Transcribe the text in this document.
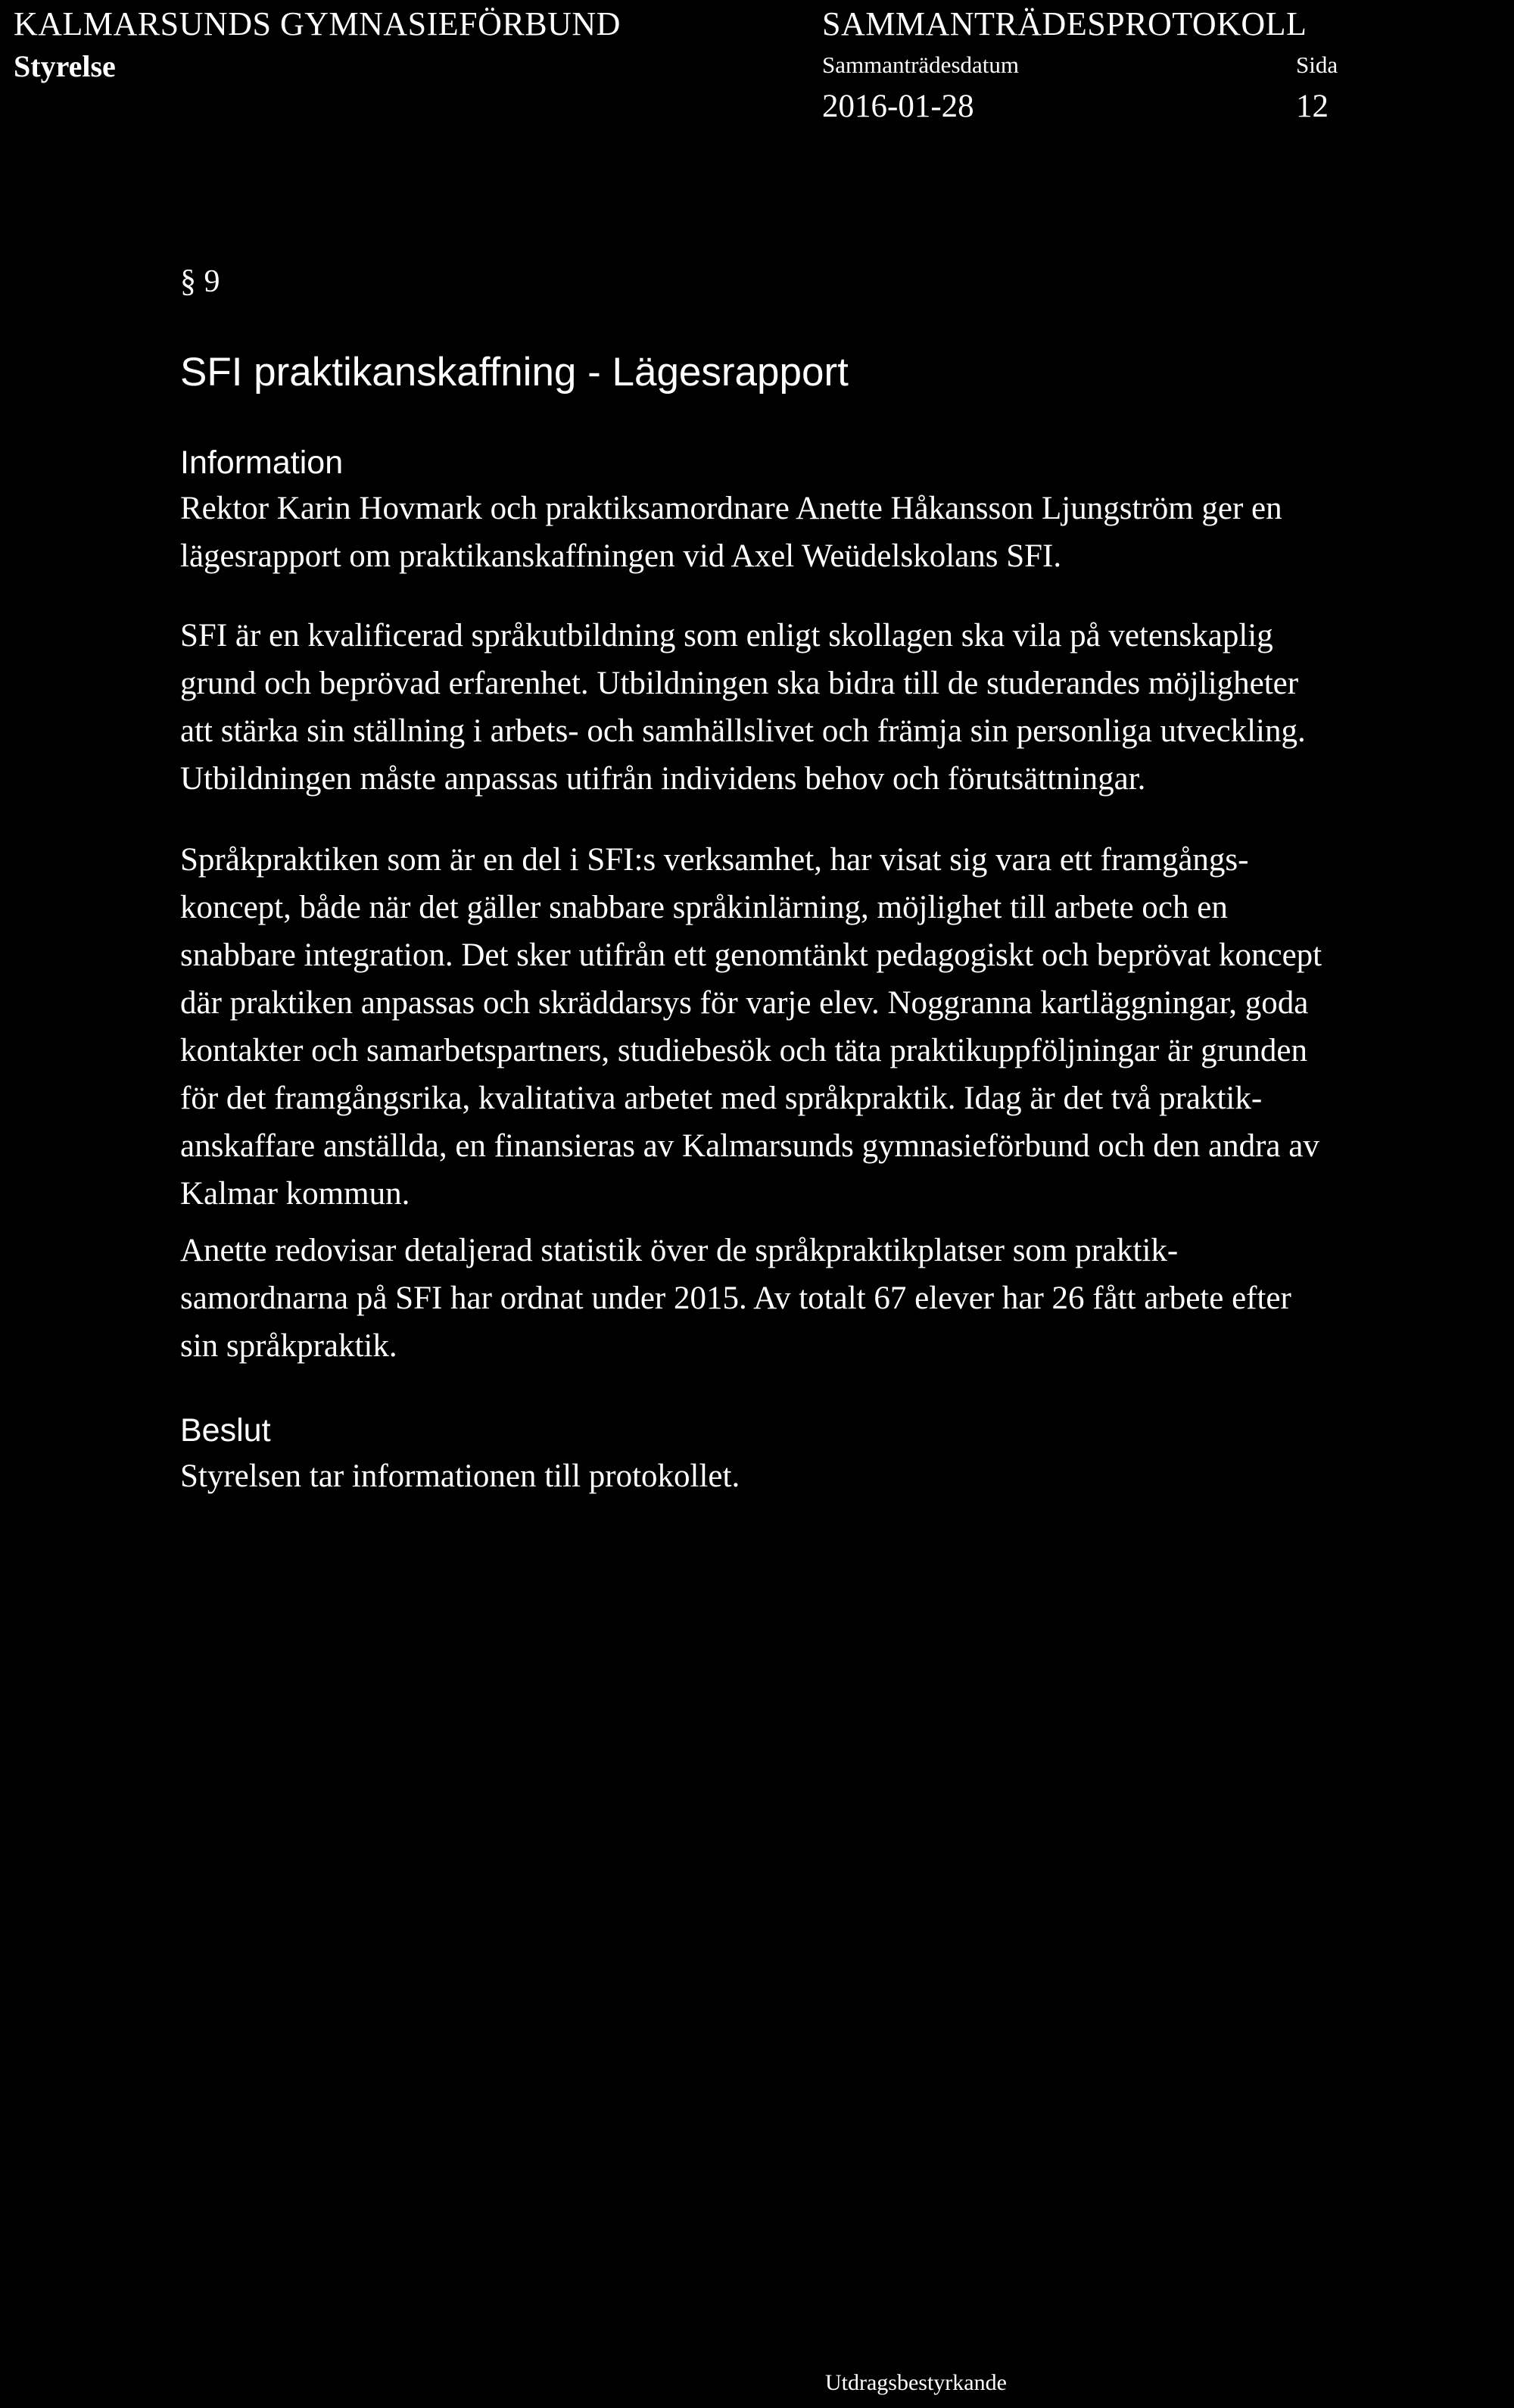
KALMARSUNDS GYMNASIEFÖRBUND
Styrelse
SAMMANTRÄDESPROTOKOLL
Sammanträdesdatum	Sida
2016-01-28	12
§ 9
SFI praktikanskaffning - Lägesrapport
Information
Rektor Karin Hovmark och praktiksamordnare Anette Håkansson Ljungström ger en
lägesrapport om praktikanskaffningen vid Axel Weüdelskolans SFI.
SFI är en kvalificerad språkutbildning som enligt skollagen ska vila på vetenskaplig
grund och beprövad erfarenhet. Utbildningen ska bidra till de studerandes möjligheter
att stärka sin ställning i arbets- och samhällslivet och främja sin personliga utveckling.
Utbildningen måste anpassas utifrån individens behov och förutsättningar.
Språkpraktiken som är en del i SFI:s verksamhet, har visat sig vara ett framgångs-
koncept, både när det gäller snabbare språkinlärning, möjlighet till arbete och en
snabbare integration. Det sker utifrån ett genomtänkt pedagogiskt och beprövat koncept
där praktiken anpassas och skräddarsys för varje elev. Noggranna kartläggningar, goda
kontakter och samarbetspartners, studiebesök och täta praktikuppföljningar är grunden
för det framgångsrika, kvalitativa arbetet med språkpraktik. Idag är det två praktik-
anskaffare anställda, en finansieras av Kalmarsunds gymnasieförbund och den andra av
Kalmar kommun.
Anette redovisar detaljerad statistik över de språkpraktikplatser som praktik-
samordnarna på SFI har ordnat under 2015. Av totalt 67 elever har 26 fått arbete efter
sin språkpraktik.
Beslut
Styrelsen tar informationen till protokollet.
Utdragsbestyrkande
